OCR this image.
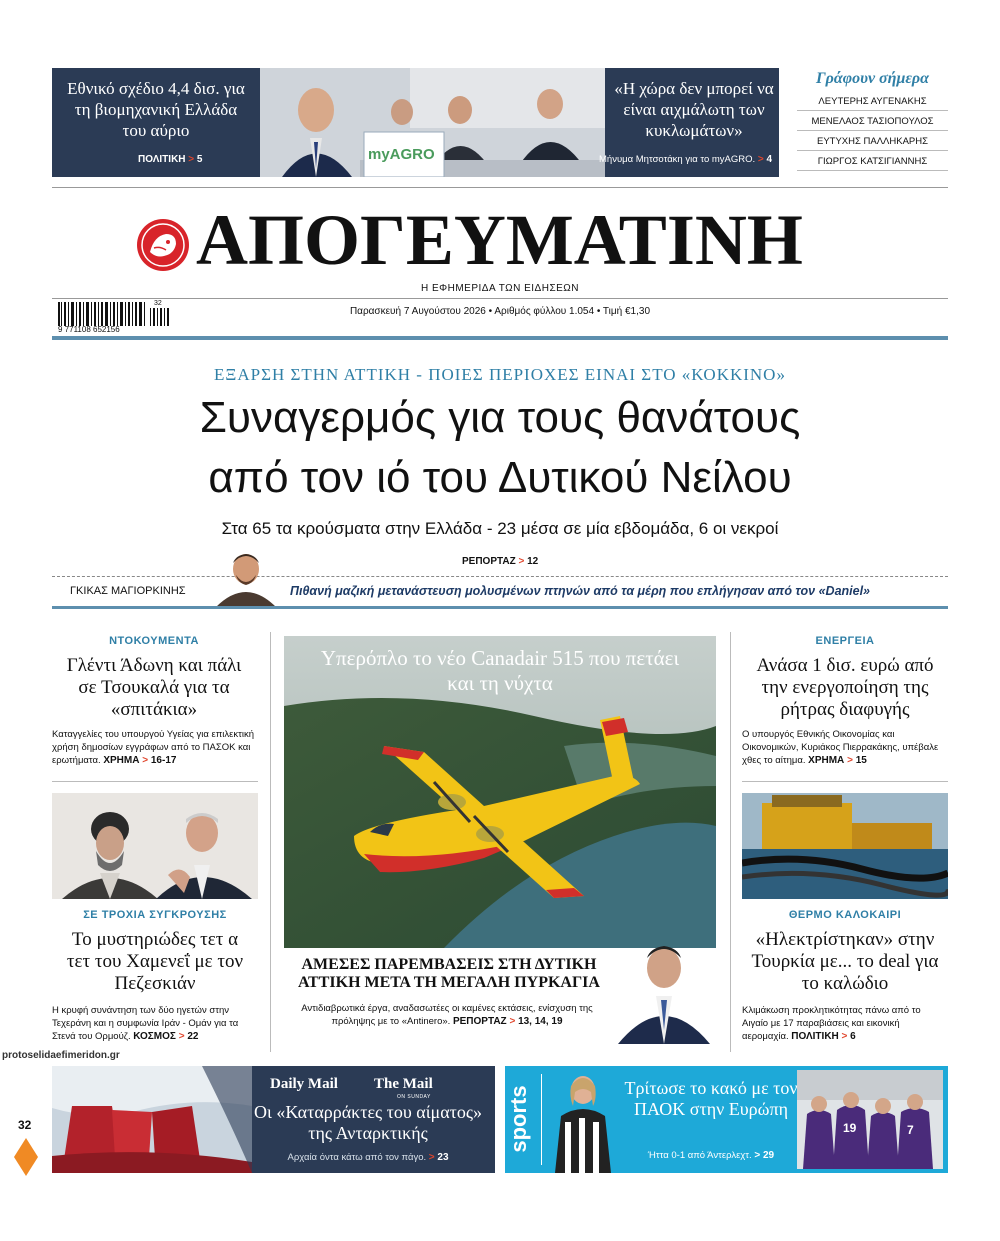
Εθνικό σχέδιο 4,4 δισ. για τη βιομηχανική Ελλάδα του αύριο
ΠΟΛΙΤΙΚΗ > 5	myAGRO
«Η χώρα δεν μπορεί να είναι αιχμάλωτη των κυκλωμάτων»
Μήνυμα Μητσοτάκη για το myAGRO. > 4
Γράφουν σήμερα
ΛΕΥΤΕΡΗΣ ΑΥΓΕΝΑΚΗΣ
ΜΕΝΕΛΑΟΣ ΤΑΣΙΟΠΟΥΛΟΣ
ΕΥΤΥΧΗΣ ΠΑΛΛΗΚΑΡΗΣ
ΓΙΩΡΓΟΣ ΚΑΤΣΙΓΙΑΝΝΗΣ
ΑΠΟΓΕΥΜΑΤΙΝΗ
Η ΕΦΗΜΕΡΙΔΑ ΤΩΝ ΕΙΔΗΣΕΩΝ
9 771108 652156
32
Παρασκευή 7 Αυγούστου 2026 • Αριθμός φύλλου 1.054 • Τιμή €1,30
ΕΞΑΡΣΗ ΣΤΗΝ ΑΤΤΙΚΗ - ΠΟΙΕΣ ΠΕΡΙΟΧΕΣ ΕΙΝΑΙ ΣΤΟ «ΚΟΚΚΙΝΟ»
Συναγερμός για τους θανάτους
από τον ιό του Δυτικού Νείλου
Στα 65 τα κρούσματα στην Ελλάδα - 23 μέσα σε μία εβδομάδα, 6 οι νεκροί
ΡΕΠΟΡΤΑΖ > 12
ΓΚΙΚΑΣ ΜΑΓΙΟΡΚΙΝΗΣ	Πιθανή μαζική μετανάστευση μολυσμένων πτηνών από τα μέρη που επλήγησαν από τον «Daniel»
ΝΤΟΚΟΥΜΕΝΤΑ
Γλέντι Άδωνη και πάλι σε Τσουκαλά για τα «σπιτάκια»
Καταγγελίες του υπουργού Υγείας για επιλεκτική χρήση δημοσίων εγγράφων από το ΠΑΣΟΚ και ερωτήματα. ΧΡΗΜΑ > 16-17
ΣΕ ΤΡΟΧΙΑ ΣΥΓΚΡΟΥΣΗΣ
Το μυστηριώδες τετ α τετ του Χαμενεΐ με τον Πεζεσκιάν
Η κρυφή συνάντηση των δύο ηγετών στην Τεχεράνη και η συμφωνία Ιράν - Ομάν για τα Στενά του Ορμούζ. ΚΟΣΜΟΣ > 22
Υπερόπλο το νέο Canadair 515 που πετάει και τη νύχτα
ΑΜΕΣΕΣ ΠΑΡΕΜΒΑΣΕΙΣ ΣΤΗ ΔΥΤΙΚΗ ΑΤΤΙΚΗ ΜΕΤΑ ΤΗ ΜΕΓΑΛΗ ΠΥΡΚΑΓΙΑ
Αντιδιαβρωτικά έργα, αναδασωτέες οι καμένες εκτάσεις, ενίσχυση της πρόληψης με το «Antinero». ΡΕΠΟΡΤΑΖ > 13, 14, 19
ΕΝΕΡΓΕΙΑ
Ανάσα 1 δισ. ευρώ από την ενεργοποίηση της ρήτρας διαφυγής
Ο υπουργός Εθνικής Οικονομίας και Οικονομικών, Κυριάκος Πιερρακάκης, υπέβαλε χθες το αίτημα. ΧΡΗΜΑ > 15
ΘΕΡΜΟ ΚΑΛΟΚΑΙΡΙ
«Ηλεκτρίστηκαν» στην Τουρκία με... το deal για το καλώδιο
Κλιμάκωση προκλητικότητας πάνω από το Αιγαίο με 17 παραβιάσεις και εικονική αερομαχία. ΠΟΛΙΤΙΚΗ > 6
protoselidaefimeridon.gr
32
Daily Mail The Mail
ON SUNDAY
Οι «Καταρράκτες του αίματος» της Ανταρκτικής
Αρχαία όντα κάτω από τον πάγο. > 23
sports	Τρίτωσε το κακό με τον ΠΑΟΚ στην Ευρώπη
Ήττα 0-1 από Άντερλεχτ. > 29
19	7
